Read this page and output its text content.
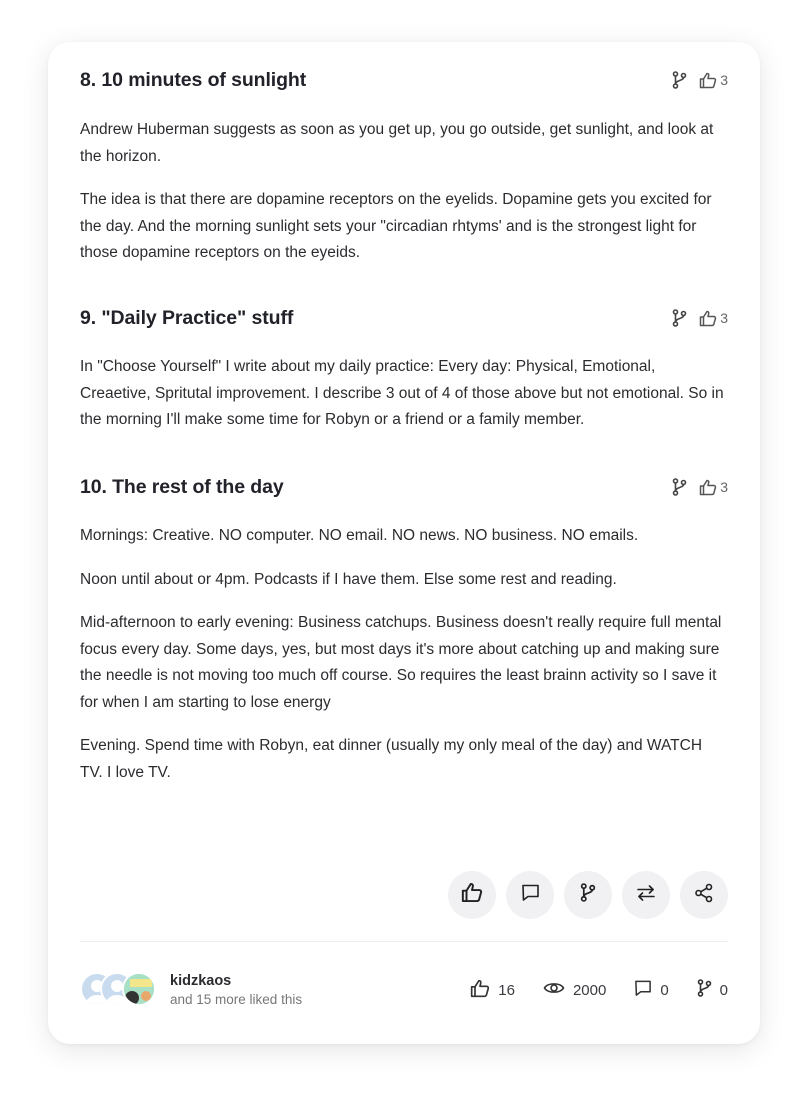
8. 10 minutes of sunlight	3

Andrew Huberman suggests as soon as you get up, you go outside, get sunlight, and look at the horizon.

The idea is that there are dopamine receptors on the eyelids. Dopamine gets you excited for the day. And the morning sunlight sets your "circadian rhtyms' and is the strongest light for those dopamine receptors on the eyeids.

9. "Daily Practice" stuff	3

In "Choose Yourself" I write about my daily practice: Every day: Physical, Emotional, Creaetive, Spritutal improvement. I describe 3 out of 4 of those above but not emotional. So in the morning I'll make some time for Robyn or a friend or a family member.

10. The rest of the day	3

Mornings: Creative. NO computer. NO email. NO news. NO business. NO emails.

Noon until about or 4pm. Podcasts if I have them. Else some rest and reading.

Mid-afternoon to early evening: Business catchups. Business doesn't really require full mental focus every day. Some days, yes, but most days it's more about catching up and making sure the needle is not moving too much off course. So requires the least brainn activity so I save it for when I am starting to lose energy

Evening. Spend time with Robyn, eat dinner (usually my only meal of the day) and WATCH TV. I love TV.

kidzkaos
and 15 more liked this
16	2000	0	0
